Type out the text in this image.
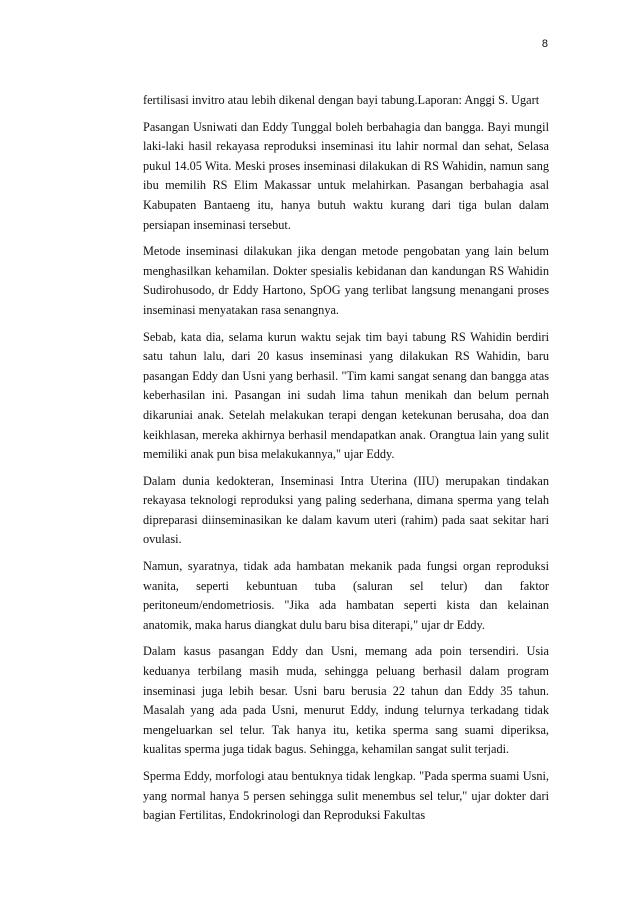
8

fertilisasi invitro atau lebih dikenal dengan bayi tabung.Laporan: Anggi S. Ugart

Pasangan Usniwati dan Eddy Tunggal boleh berbahagia dan bangga. Bayi mungil laki-laki hasil rekayasa reproduksi inseminasi itu lahir normal dan sehat, Selasa pukul 14.05 Wita. Meski proses inseminasi dilakukan di RS Wahidin, namun sang ibu memilih RS Elim Makassar untuk melahirkan. Pasangan berbahagia asal Kabupaten Bantaeng itu, hanya butuh waktu kurang dari tiga bulan dalam persiapan inseminasi tersebut.

Metode inseminasi dilakukan jika dengan metode pengobatan yang lain belum menghasilkan kehamilan. Dokter spesialis kebidanan dan kandungan RS Wahidin Sudirohusodo, dr Eddy Hartono, SpOG yang terlibat langsung menangani proses inseminasi menyatakan rasa senangnya.

Sebab, kata dia, selama kurun waktu sejak tim bayi tabung RS Wahidin berdiri satu tahun lalu, dari 20 kasus inseminasi yang dilakukan RS Wahidin, baru pasangan Eddy dan Usni yang berhasil. "Tim kami sangat senang dan bangga atas keberhasilan ini. Pasangan ini sudah lima tahun menikah dan belum pernah dikaruniai anak. Setelah melakukan terapi dengan ketekunan berusaha, doa dan keikhlasan, mereka akhirnya berhasil mendapatkan anak. Orangtua lain yang sulit memiliki anak pun bisa melakukannya," ujar Eddy.

Dalam dunia kedokteran, Inseminasi Intra Uterina (IIU) merupakan tindakan rekayasa teknologi reproduksi yang paling sederhana, dimana sperma yang telah dipreparasi diinseminasikan ke dalam kavum uteri (rahim) pada saat sekitar hari ovulasi.

Namun, syaratnya, tidak ada hambatan mekanik pada fungsi organ reproduksi wanita, seperti kebuntuan tuba (saluran sel telur) dan faktor peritoneum/endometriosis. "Jika ada hambatan seperti kista dan kelainan anatomik, maka harus diangkat dulu baru bisa diterapi," ujar dr Eddy.

Dalam kasus pasangan Eddy dan Usni, memang ada poin tersendiri. Usia keduanya terbilang masih muda, sehingga peluang berhasil dalam program inseminasi juga lebih besar. Usni baru berusia 22 tahun dan Eddy 35 tahun. Masalah yang ada pada Usni, menurut Eddy, indung telurnya terkadang tidak mengeluarkan sel telur. Tak hanya itu, ketika sperma sang suami diperiksa, kualitas sperma juga tidak bagus. Sehingga, kehamilan sangat sulit terjadi.

Sperma Eddy, morfologi atau bentuknya tidak lengkap. "Pada sperma suami Usni, yang normal hanya 5 persen sehingga sulit menembus sel telur," ujar dokter dari bagian Fertilitas, Endokrinologi dan Reproduksi Fakultas
